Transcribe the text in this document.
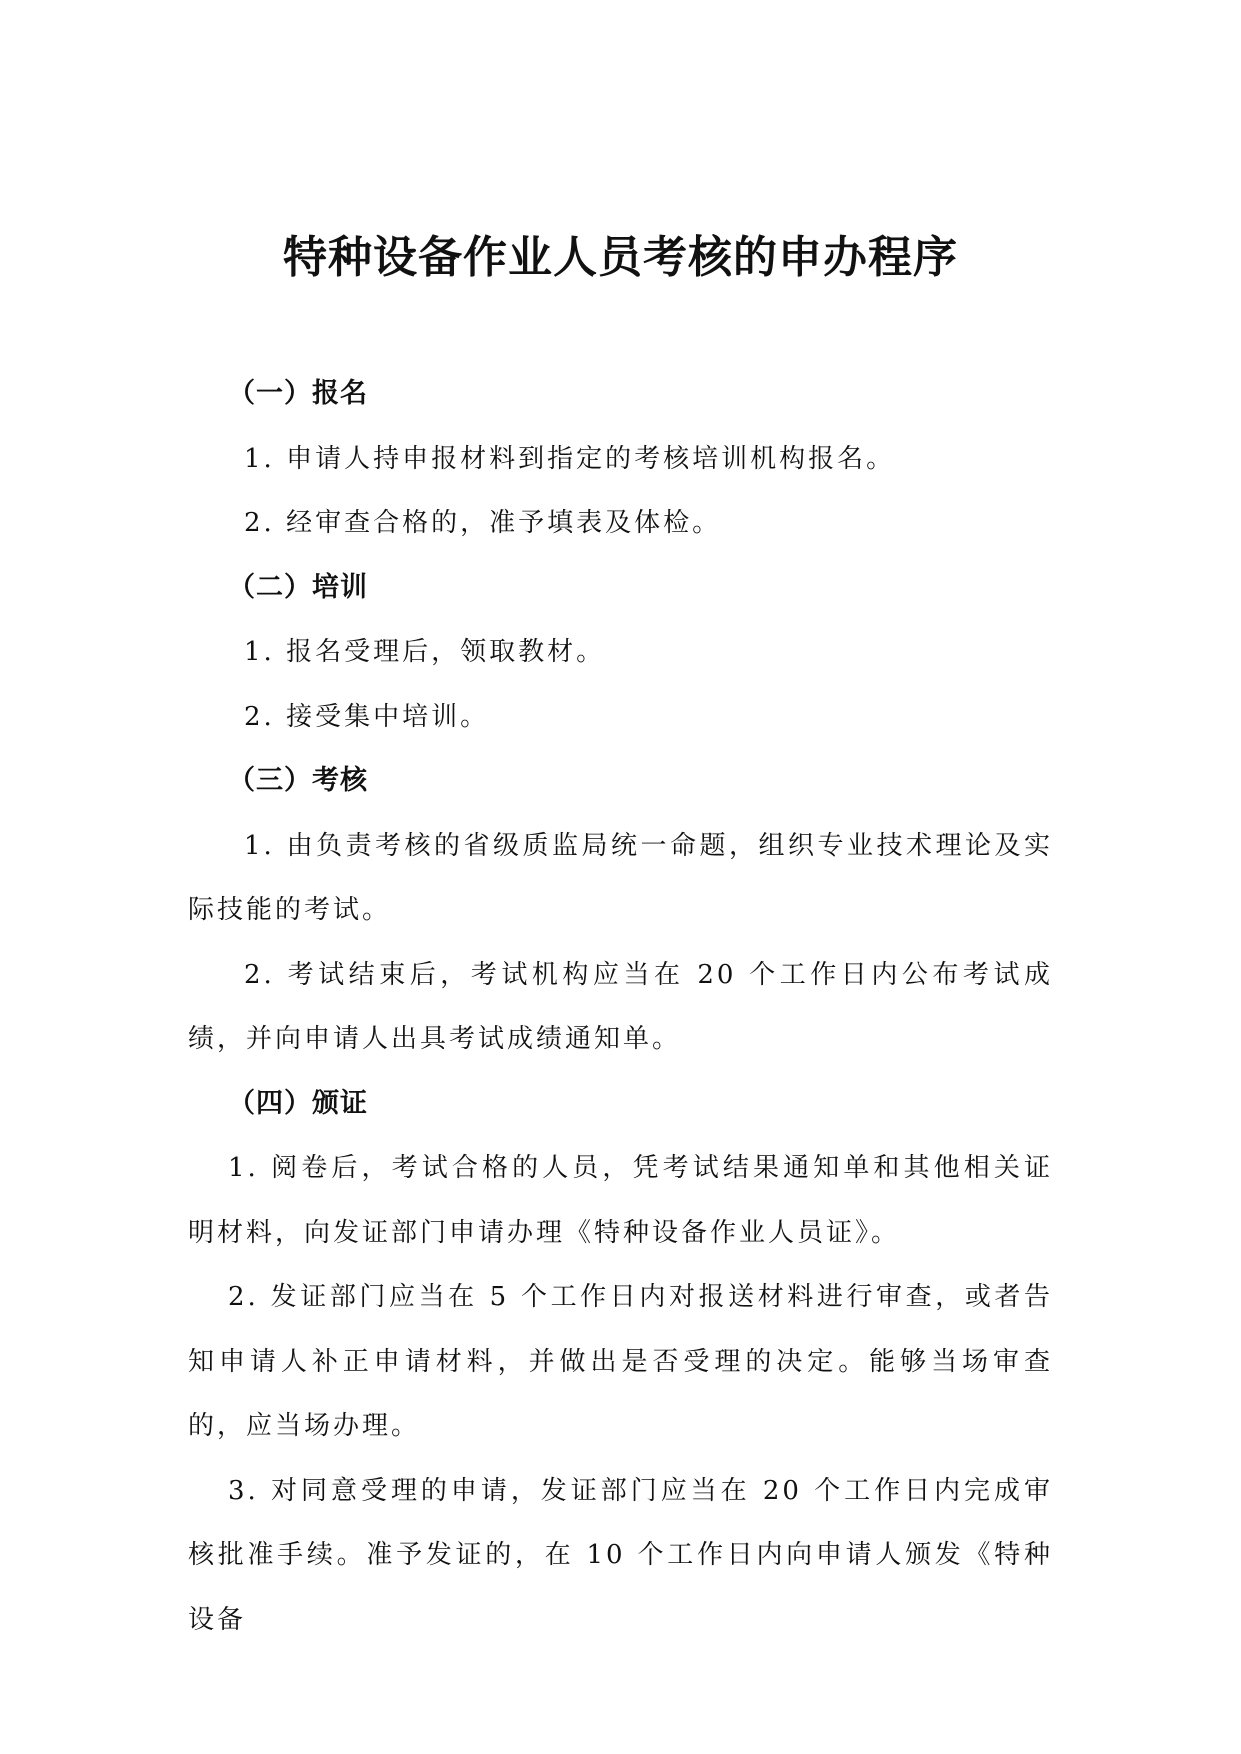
特种设备作业人员考核的申办程序

（一）报名

1. 申请人持申报材料到指定的考核培训机构报名。

2. 经审查合格的，准予填表及体检。

（二）培训

1. 报名受理后，领取教材。

2. 接受集中培训。

（三）考核

1. 由负责考核的省级质监局统一命题，组织专业技术理论及实际技能的考试。

2. 考试结束后，考试机构应当在 20 个工作日内公布考试成绩，并向申请人出具考试成绩通知单。

（四）颁证

1. 阅卷后，考试合格的人员，凭考试结果通知单和其他相关证明材料，向发证部门申请办理《特种设备作业人员证》。

2. 发证部门应当在 5 个工作日内对报送材料进行审查，或者告知申请人补正申请材料，并做出是否受理的决定。能够当场审查的，应当场办理。

3. 对同意受理的申请，发证部门应当在 20 个工作日内完成审核批准手续。准予发证的，在 10 个工作日内向申请人颁发《特种设备
